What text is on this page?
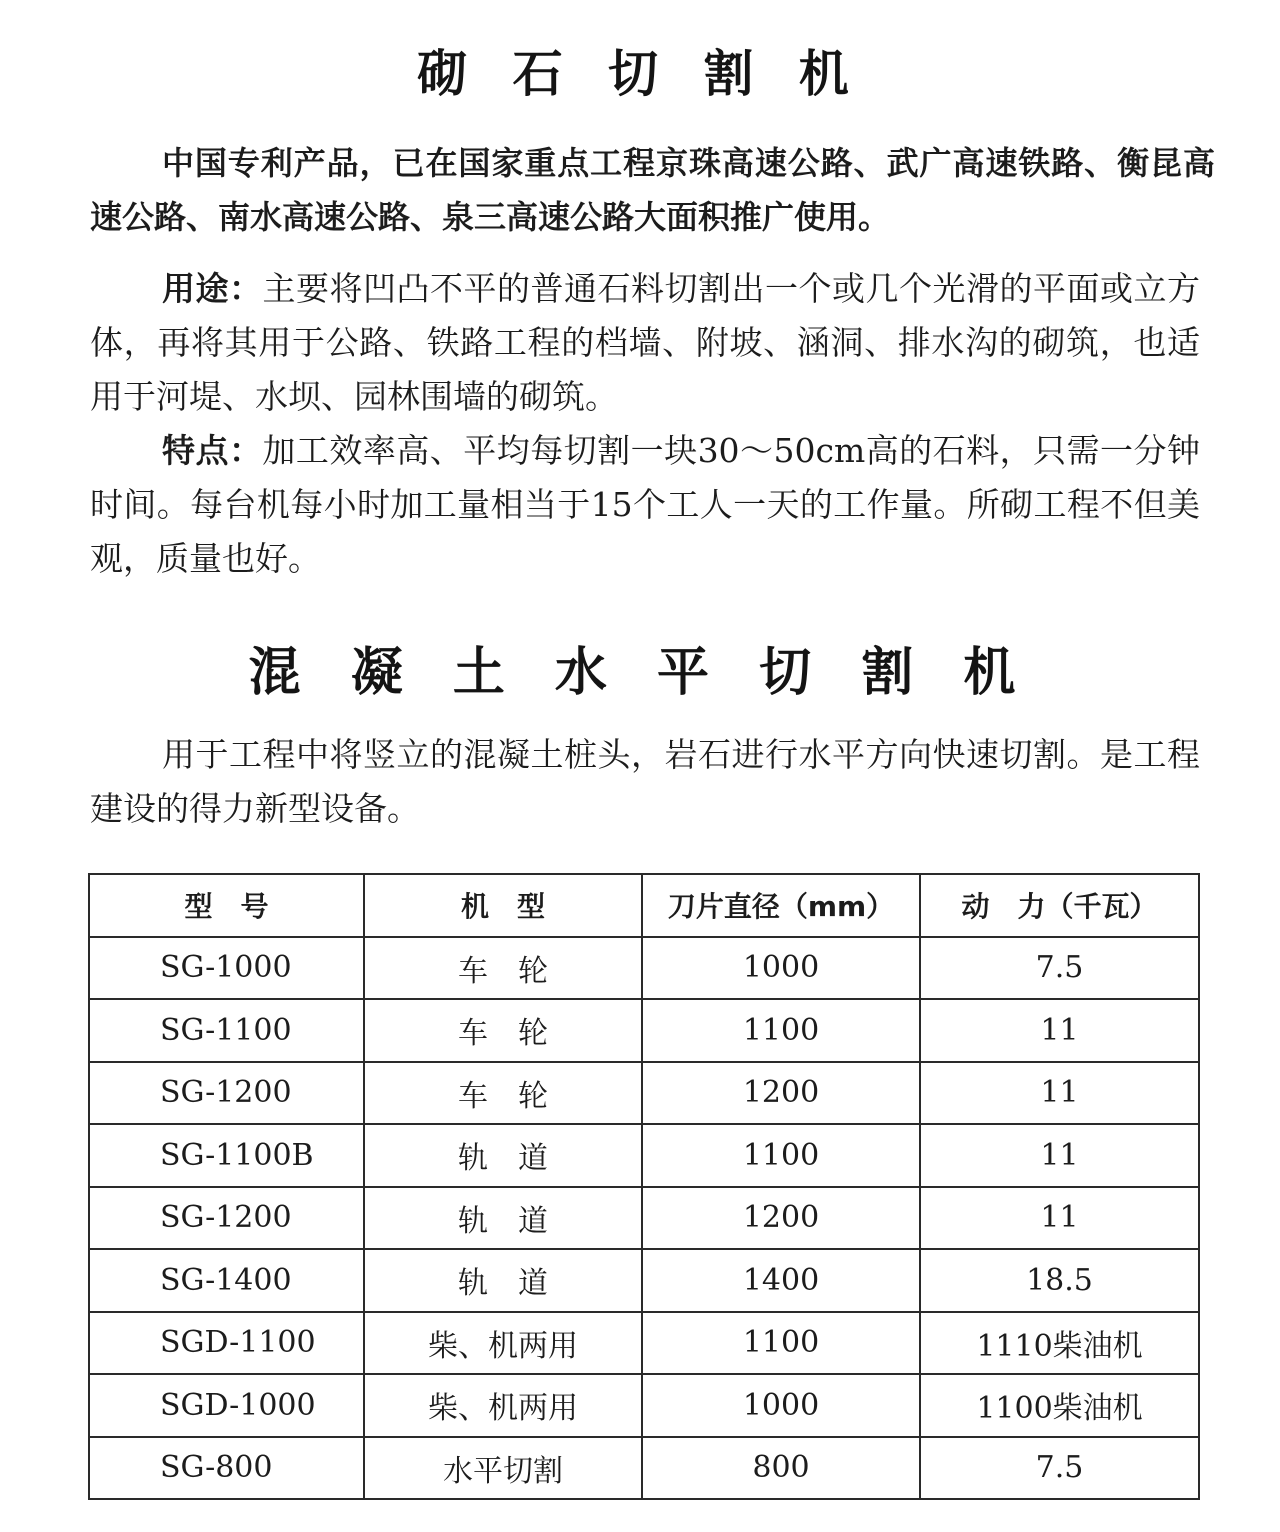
砌 石 切 割 机

中国专利产品，已在国家重点工程京珠高速公路、武广高速铁路、衡昆高速公路、南水高速公路、泉三高速公路大面积推广使用。

用途：主要将凹凸不平的普通石料切割出一个或几个光滑的平面或立方体，再将其用于公路、铁路工程的档墙、附坡、涵洞、排水沟的砌筑，也适用于河堤、水坝、园林围墙的砌筑。

特点：加工效率高、平均每切割一块30～50cm高的石料，只需一分钟时间。每台机每小时加工量相当于15个工人一天的工作量。所砌工程不但美观，质量也好。

混 凝 土 水 平 切 割 机

用于工程中将竖立的混凝土桩头，岩石进行水平方向快速切割。是工程建设的得力新型设备。

型　号	机　型	刀片直径（mm）	动　力（千瓦）
SG-1000	车　轮	1000	7.5
SG-1100	车　轮	1100	11
SG-1200	车　轮	1200	11
SG-1100B	轨　道	1100	11
SG-1200	轨　道	1200	11
SG-1400	轨　道	1400	18.5
SGD-1100	柴、机两用	1100	1110柴油机
SGD-1000	柴、机两用	1000	1100柴油机
SG-800	水平切割	800	7.5
